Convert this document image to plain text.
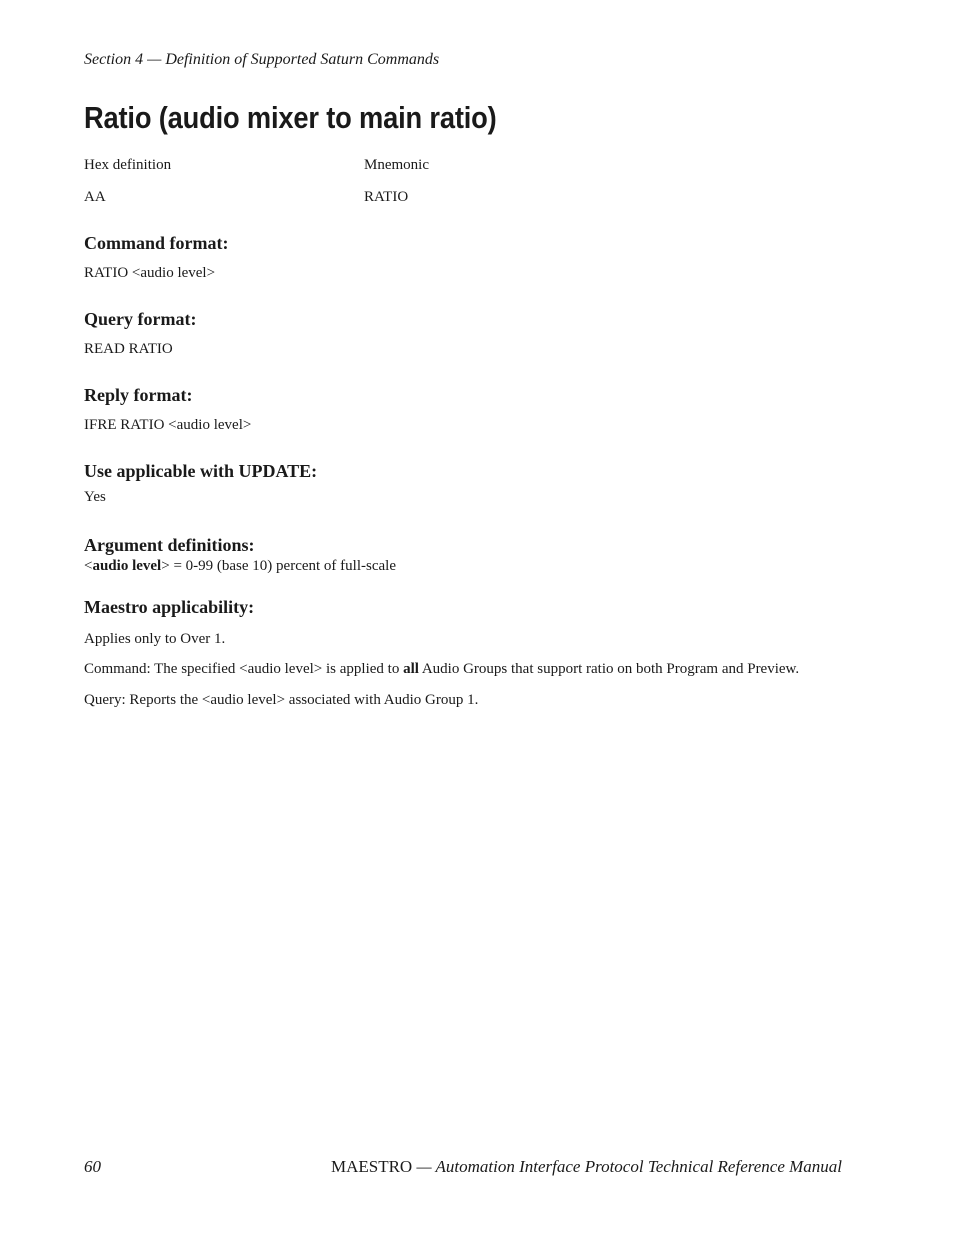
Section 4 — Definition of Supported Saturn Commands
Ratio (audio mixer to main ratio)
Hex definition	Mnemonic
AA	RATIO
Command format:
RATIO <audio level>
Query format:
READ RATIO
Reply format:
IFRE RATIO <audio level>
Use applicable with UPDATE:
Yes
Argument definitions:
<audio level> = 0-99 (base 10) percent of full-scale
Maestro applicability:
Applies only to Over 1.
Command: The specified <audio level> is applied to all Audio Groups that support ratio on both Program and Preview.
Query: Reports the <audio level> associated with Audio Group 1.
60	MAESTRO — Automation Interface Protocol Technical Reference Manual
